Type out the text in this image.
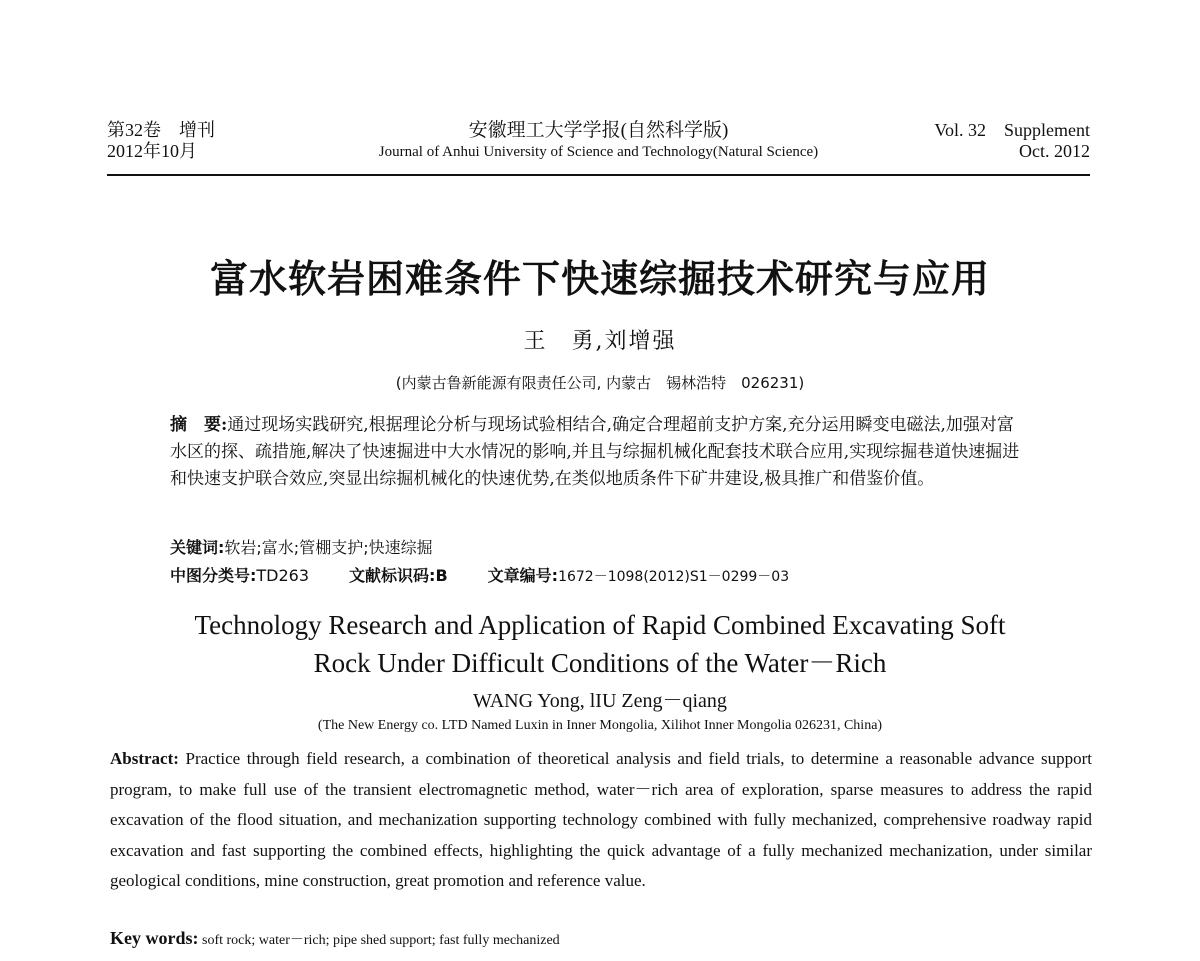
第32卷　增刊
2012年10月
安徽理工大学学报(自然科学版)
Journal of Anhui University of Science and Technology(Natural Science)
Vol. 32 Supplement
Oct. 2012
富水软岩困难条件下快速综掘技术研究与应用
王　勇,刘增强
(内蒙古鲁新能源有限责任公司, 内蒙古　锡林浩特　026231)
摘　要:通过现场实践研究,根据理论分析与现场试验相结合,确定合理超前支护方案,充分运用瞬变电磁法,加强对富水区的探、疏措施,解决了快速掘进中大水情况的影响,并且与综掘机械化配套技术联合应用,实现综掘巷道快速掘进和快速支护联合效应,突显出综掘机械化的快速优势,在类似地质条件下矿井建设,极具推广和借鉴价值。
关键词:软岩;富水;管棚支护;快速综掘
中图分类号:TD263	文献标识码:B	文章编号:1672－1098(2012)S1－0299－03
Technology Research and Application of Rapid Combined Excavating Soft
Rock Under Difficult Conditions of the Water－Rich
WANG Yong, lIU Zeng－qiang
(The New Energy co. LTD Named Luxin in Inner Mongolia, Xilihot Inner Mongolia 026231, China)
Abstract: Practice through field research, a combination of theoretical analysis and field trials, to determine a reasonable advance support program, to make full use of the transient electromagnetic method, water－rich area of exploration, sparse measures to address the rapid excavation of the flood situation, and mechanization supporting technology combined with fully mechanized, comprehensive roadway rapid excavation and fast supporting the combined effects, highlighting the quick advantage of a fully mechanized mechanization, under similar geological conditions, mine construction, great promotion and reference value.
Key words: soft rock; water－rich; pipe shed support; fast fully mechanized
